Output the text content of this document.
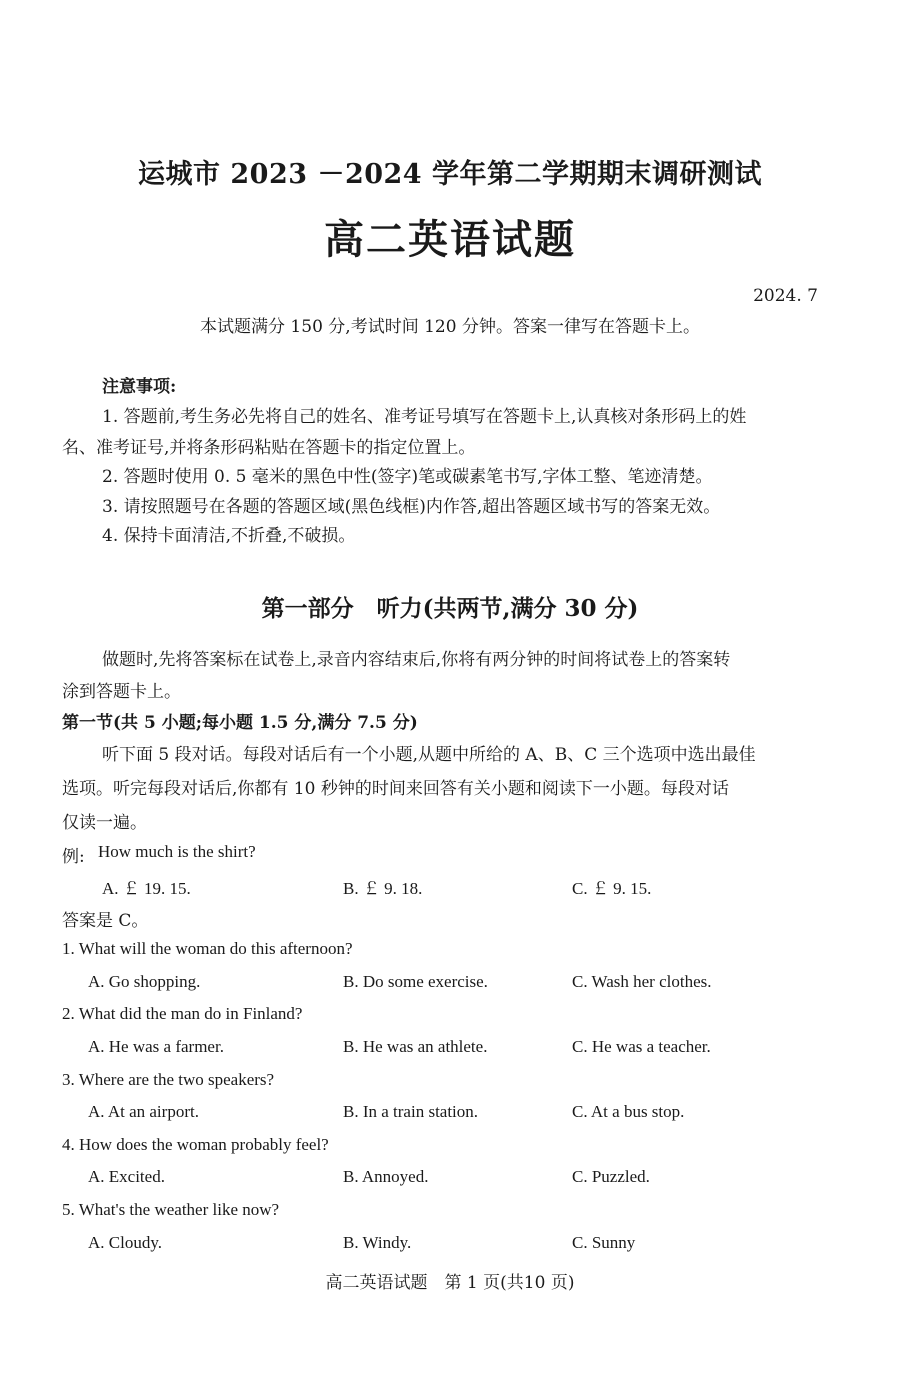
运城市 2023 －2024 学年第二学期期末调研测试
高二英语试题
2024. 7
本试题满分 150 分,考试时间 120 分钟。答案一律写在答题卡上。
注意事项:
1. 答题前,考生务必先将自己的姓名、准考证号填写在答题卡上,认真核对条形码上的姓
名、准考证号,并将条形码粘贴在答题卡的指定位置上。
2. 答题时使用 0. 5 毫米的黑色中性(签字)笔或碳素笔书写,字体工整、笔迹清楚。
3. 请按照题号在各题的答题区域(黑色线框)内作答,超出答题区域书写的答案无效。
4. 保持卡面清洁,不折叠,不破损。
第一部分　听力(共两节,满分 30 分)
做题时,先将答案标在试卷上,录音内容结束后,你将有两分钟的时间将试卷上的答案转
涂到答题卡上。
第一节(共 5 小题;每小题 1.5 分,满分 7.5 分)
听下面 5 段对话。每段对话后有一个小题,从题中所给的 A、B、C 三个选项中选出最佳
选项。听完每段对话后,你都有 10 秒钟的时间来回答有关小题和阅读下一小题。每段对话
仅读一遍。
例: How much is the shirt?
A. ￡ 19. 15.	B. ￡ 9. 18.	C. ￡ 9. 15.
答案是 C。
1. What will the woman do this afternoon?
A. Go shopping.	B. Do some exercise.	C. Wash her clothes.
2. What did the man do in Finland?
A. He was a farmer.	B. He was an athlete.	C. He was a teacher.
3. Where are the two speakers?
A. At an airport.	B. In a train station.	C. At a bus stop.
4. How does the woman probably feel?
A. Excited.	B. Annoyed.	C. Puzzled.
5. What's the weather like now?
A. Cloudy.	B. Windy.	C. Sunny
高二英语试题　第 1 页(共10 页)
